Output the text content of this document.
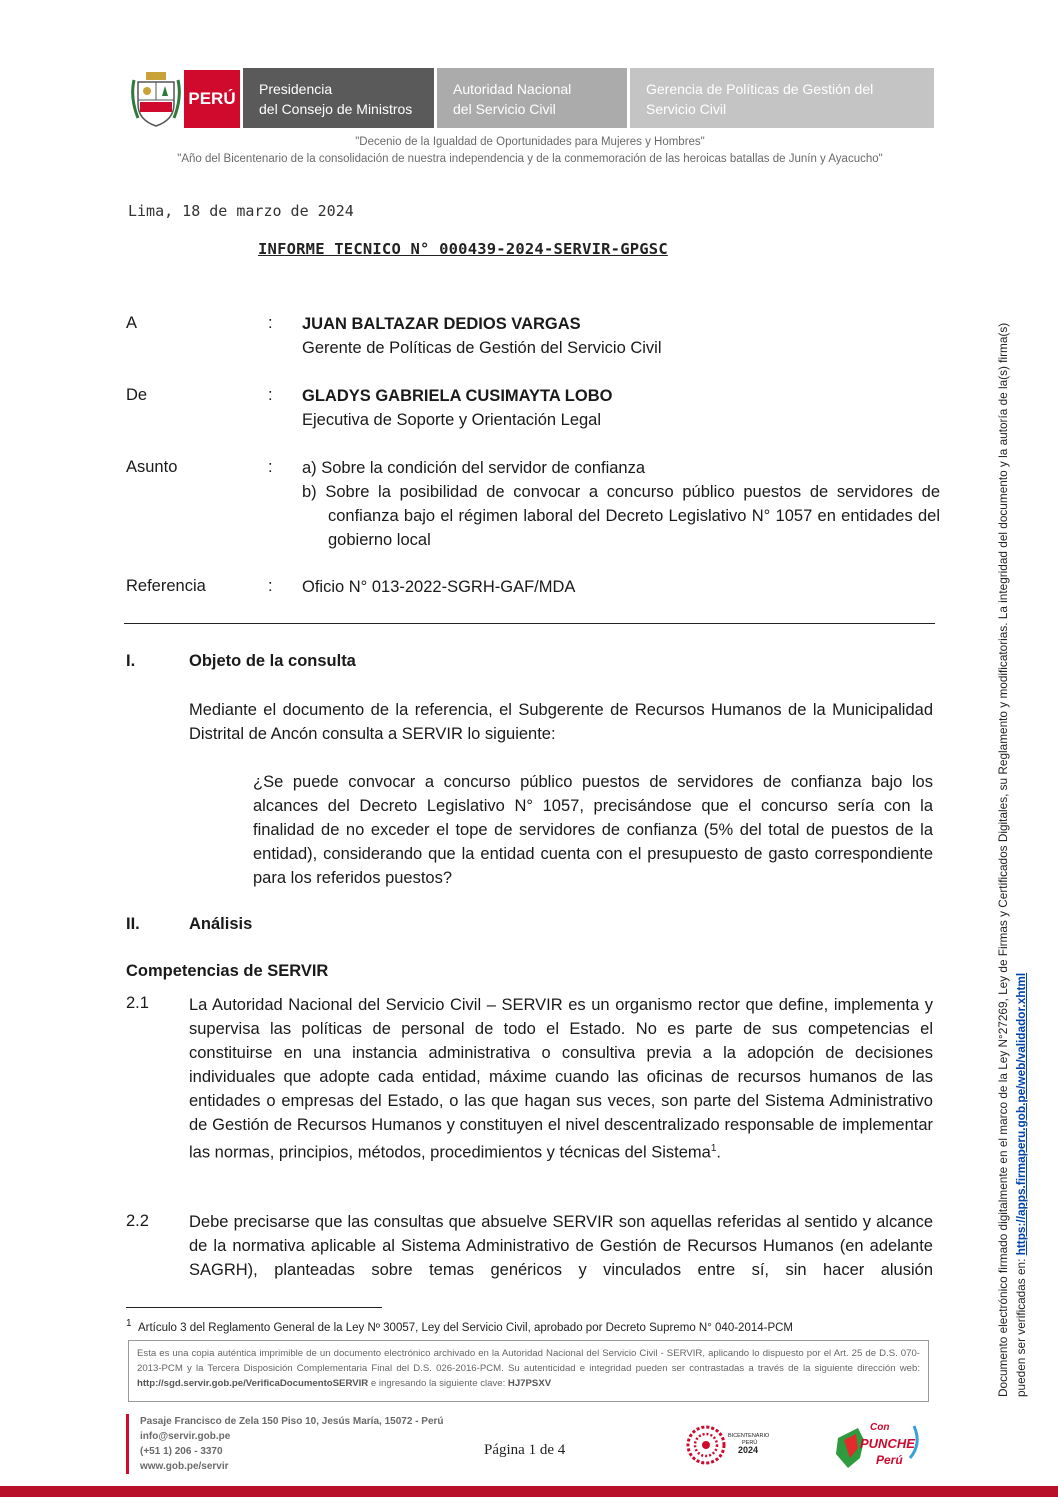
PERÚ	Presidencia
del Consejo de Ministros
Autoridad Nacional
del Servicio Civil
Gerencia de Políticas de Gestión del
Servicio Civil
"Decenio de la Igualdad de Oportunidades para Mujeres y Hombres"
"Año del Bicentenario de la consolidación de nuestra independencia y de la conmemoración de las heroicas batallas de Junín y Ayacucho"
Lima, 18 de marzo de 2024
INFORME TECNICO N° 000439-2024-SERVIR-GPGSC
A	: JUAN BALTAZAR DEDIOS VARGAS
Gerente de Políticas de Gestión del Servicio Civil
De	: GLADYS GABRIELA CUSIMAYTA LOBO
Ejecutiva de Soporte y Orientación Legal
Asunto	: a) Sobre la condición del servidor de confianza
b) Sobre la posibilidad de convocar a concurso público puestos de servidores de
confianza bajo el régimen laboral del Decreto Legislativo N° 1057 en entidades del gobierno local
Referencia	: Oficio N° 013-2022-SGRH-GAF/MDA
I.	Objeto de la consulta
Mediante el documento de la referencia, el Subgerente de Recursos Humanos de la Municipalidad Distrital de Ancón consulta a SERVIR lo siguiente:
¿Se puede convocar a concurso público puestos de servidores de confianza bajo los alcances del Decreto Legislativo N° 1057, precisándose que el concurso sería con la finalidad de no exceder el tope de servidores de confianza (5% del total de puestos de la entidad), considerando que la entidad cuenta con el presupuesto de gasto correspondiente para los referidos puestos?
II.	Análisis
Competencias de SERVIR
2.1 La Autoridad Nacional del Servicio Civil – SERVIR es un organismo rector que define, implementa y supervisa las políticas de personal de todo el Estado. No es parte de sus competencias el constituirse en una instancia administrativa o consultiva previa a la adopción de decisiones individuales que adopte cada entidad, máxime cuando las oficinas de recursos humanos de las entidades o empresas del Estado, o las que hagan sus veces, son parte del Sistema Administrativo de Gestión de Recursos Humanos y constituyen el nivel descentralizado responsable de implementar las normas, principios, métodos, procedimientos y técnicas del Sistema$^1$.
2.2 Debe precisarse que las consultas que absuelve SERVIR son aquellas referidas al sentido y alcance de la normativa aplicable al Sistema Administrativo de Gestión de Recursos Humanos (en adelante SAGRH), planteadas sobre temas genéricos y vinculados entre sí, sin hacer alusión
$^1$ Artículo 3 del Reglamento General de la Ley Nº 30057, Ley del Servicio Civil, aprobado por Decreto Supremo N° 040-2014-PCM
Esta es una copia auténtica imprimible de un documento electrónico archivado en la Autoridad Nacional del Servicio Civil - SERVIR, aplicando lo dispuesto por el Art. 25 de D.S. 070-2013-PCM y la Tercera Disposición Complementaria Final del D.S. 026-2016-PCM. Su autenticidad e integridad pueden ser contrastadas a través de la siguiente dirección web: http://sgd.servir.gob.pe/VerificaDocumentoSERVIR e ingresando la siguiente clave: HJ7PSXV
Pasaje Francisco de Zela 150 Piso 10, Jesús María, 15072 - Perú
info@servir.gob.pe
(+51 1) 206 - 3370
www.gob.pe/servir
Página 1 de 4
BICENTENARIO
PERÚ
2024
Con
PUNCHE
Perú
Documento electrónico firmado digitalmente en el marco de la Ley N°27269, Ley de Firmas y Certificados Digitales, su Reglamento y modificatorias. La integridad del documento y la autoría de la(s) firma(s) pueden ser verificadas en: https://apps.firmaperu.gob.pe/web/validador.xhtml
